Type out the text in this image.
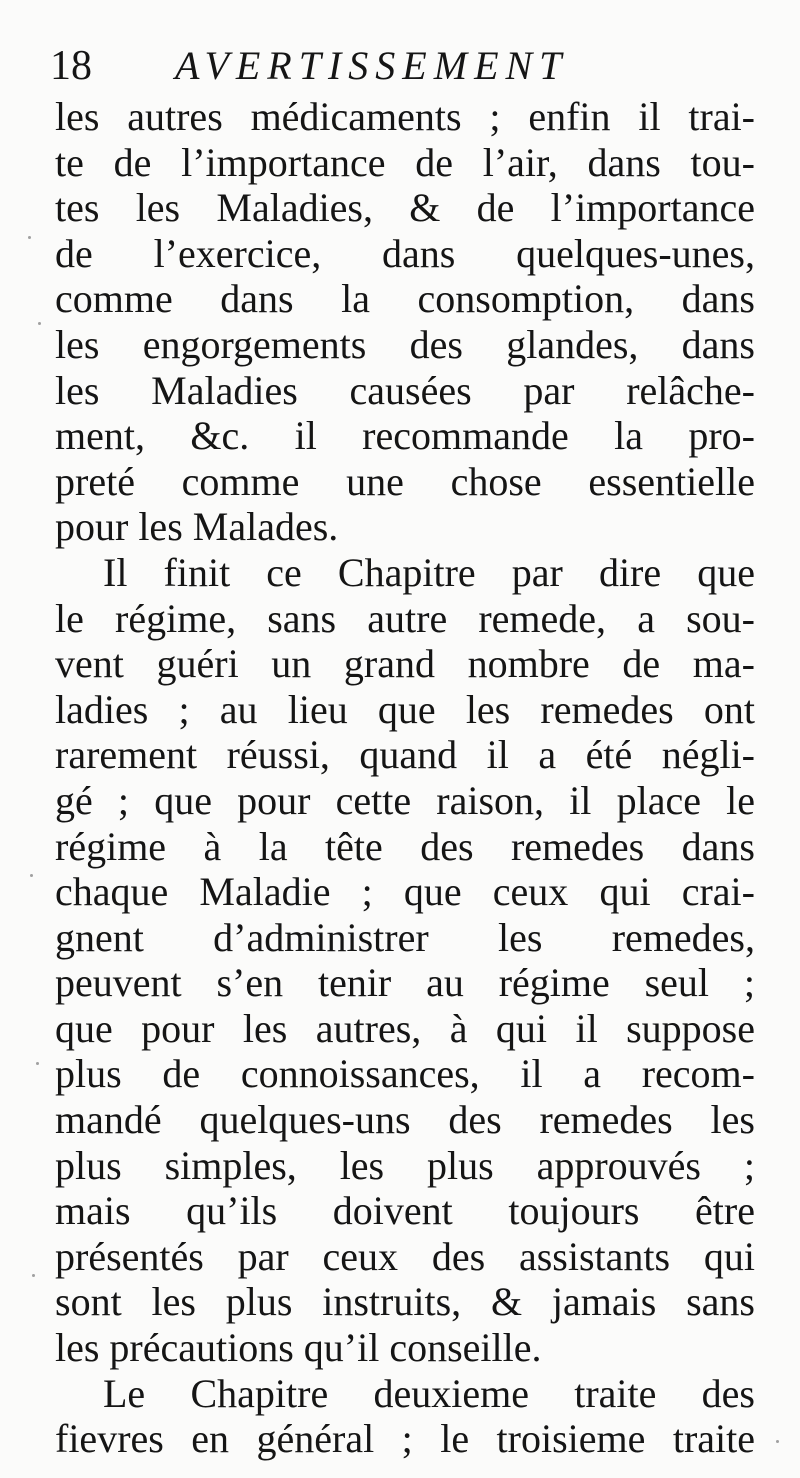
18 AVERTISSEMENT
les autres médicaments ; enfin il trai-
te de l’importance de l’air, dans tou-
tes les Maladies, & de l’importance
de l’exercice, dans quelques-unes,
comme dans la consomption, dans
les engorgements des glandes, dans
les Maladies causées par relâche-
ment, &c. il recommande la pro-
preté comme une chose essentielle
pour les Malades.
Il finit ce Chapitre par dire que
le régime, sans autre remede, a sou-
vent guéri un grand nombre de ma-
ladies ; au lieu que les remedes ont
rarement réussi, quand il a été négli-
gé ; que pour cette raison, il place le
régime à la tête des remedes dans
chaque Maladie ; que ceux qui crai-
gnent d’administrer les remedes,
peuvent s’en tenir au régime seul ;
que pour les autres, à qui il suppose
plus de connoissances, il a recom-
mandé quelques-uns des remedes les
plus simples, les plus approuvés ;
mais qu’ils doivent toujours être
présentés par ceux des assistants qui
sont les plus instruits, & jamais sans
les précautions qu’il conseille.
Le Chapitre deuxieme traite des
fievres en général ; le troisieme traite
